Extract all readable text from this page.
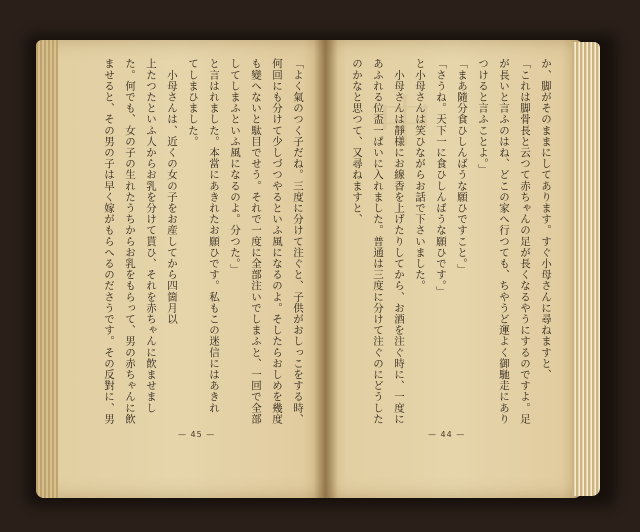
「よく氣のつく子だね。三度に分けて注ぐと、子供がおしっこをする時、
何回にも分けて少しづつやるといふ風になるのよ。そしたらおしめを幾度
も變へないと駄目でせう。それで一度に全部注いでしまふと、一回で全部
してしまふといふ風になるのよ。分つた。」
と言はれました。本當にあきれたお願ひです。私もこの迷信にはあきれ
てしまひました。
　小母さんは、近くの女の子をお産してから四箇月以
上たつたといふ人からお乳を分けて貰ひ、それを赤ちゃんに飲ませまし
た。何でも、女の子の生れたうちからお乳をもらって、男の赤ちゃんに飲
ませると、その男の子は早く嫁がもらへるのださうです。その反對に、男	か、脚がそのままにしてあります。すぐ小母さんに尋ねますと、
「これは脚骨長と云つて赤ちゃんの足が長くなるやうにするのですよ。足
が長いと言ふのはね、どこの家へ行つても、ちやうど運よく御馳走にあり
つけると言ふことよ。」
「まあ隨分食ひしんばうな願ひですこと。」
「さうね。天下一に食ひしんばうな願ひです。」
と小母さんは笑ひながらお話で下さいました。
　小母さんは靜様にお線香を上げたりしてから、お酒を注ぐ時に、一度に
あふれる位盃一ぱいに入れました。普通は三度に分けて注ぐのにどうした
のかなと思つて、又尋ねますと、
— 45 —	— 44 —
